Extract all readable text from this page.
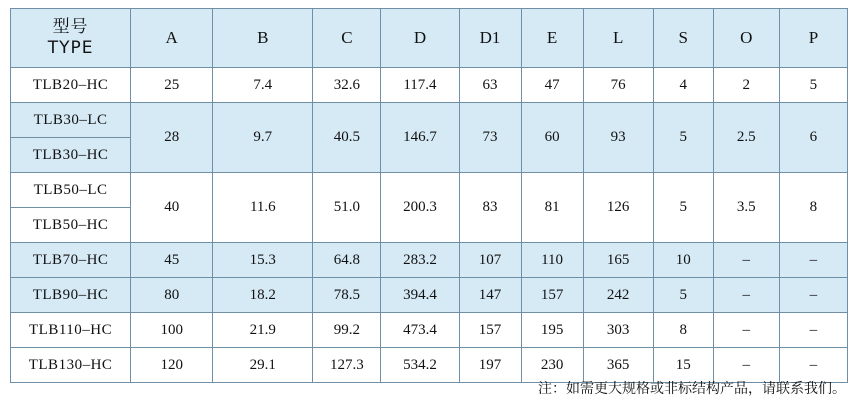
型号
TYPE	A	B	C	D	D1	E	L	S	O	P
TLB20–HC	25	7.4	32.6	117.4	63	47	76	4	2	5
TLB30–LC	28	9.7	40.5	146.7	73	60	93	5	2.5	6
TLB30–HC										
TLB50–LC	40	11.6	51.0	200.3	83	81	126	5	3.5	8
TLB50–HC										
TLB70–HC	45	15.3	64.8	283.2	107	110	165	10	–	–
TLB90–HC	80	18.2	78.5	394.4	147	157	242	5	–	–
TLB110–HC	100	21.9	99.2	473.4	157	195	303	8	–	–
TLB130–HC	120	29.1	127.3	534.2	197	230	365	15	–	–
注：如需更大规格或非标结构产品，请联系我们。
